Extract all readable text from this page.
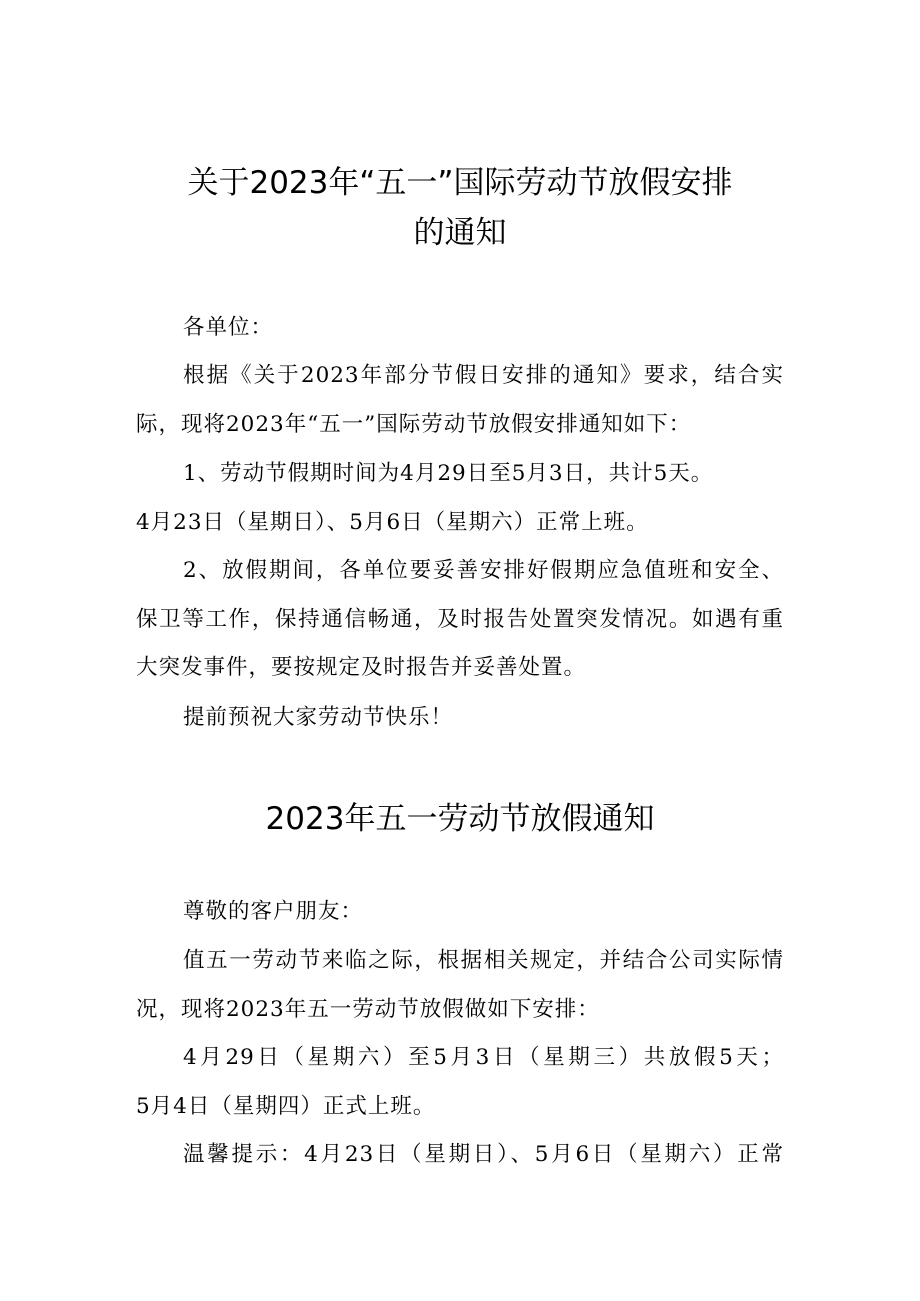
关于2023年“五一”国际劳动节放假安排
的通知
各单位：
根据《关于2023年部分节假日安排的通知》要求，结合实
际，现将2023年“五一”国际劳动节放假安排通知如下：
1、劳动节假期时间为4月29日至5月3日，共计5天。
4月23日（星期日）、5月6日（星期六）正常上班。
2、放假期间，各单位要妥善安排好假期应急值班和安全、
保卫等工作，保持通信畅通，及时报告处置突发情况。如遇有重
大突发事件，要按规定及时报告并妥善处置。
提前预祝大家劳动节快乐！
2023年五一劳动节放假通知
尊敬的客户朋友：
值五一劳动节来临之际，根据相关规定，并结合公司实际情
况，现将2023年五一劳动节放假做如下安排：
4月29日（星期六）至5月3日（星期三）共放假5天；
5月4日（星期四）正式上班。
温馨提示：4月23日（星期日）、5月6日（星期六）正常
